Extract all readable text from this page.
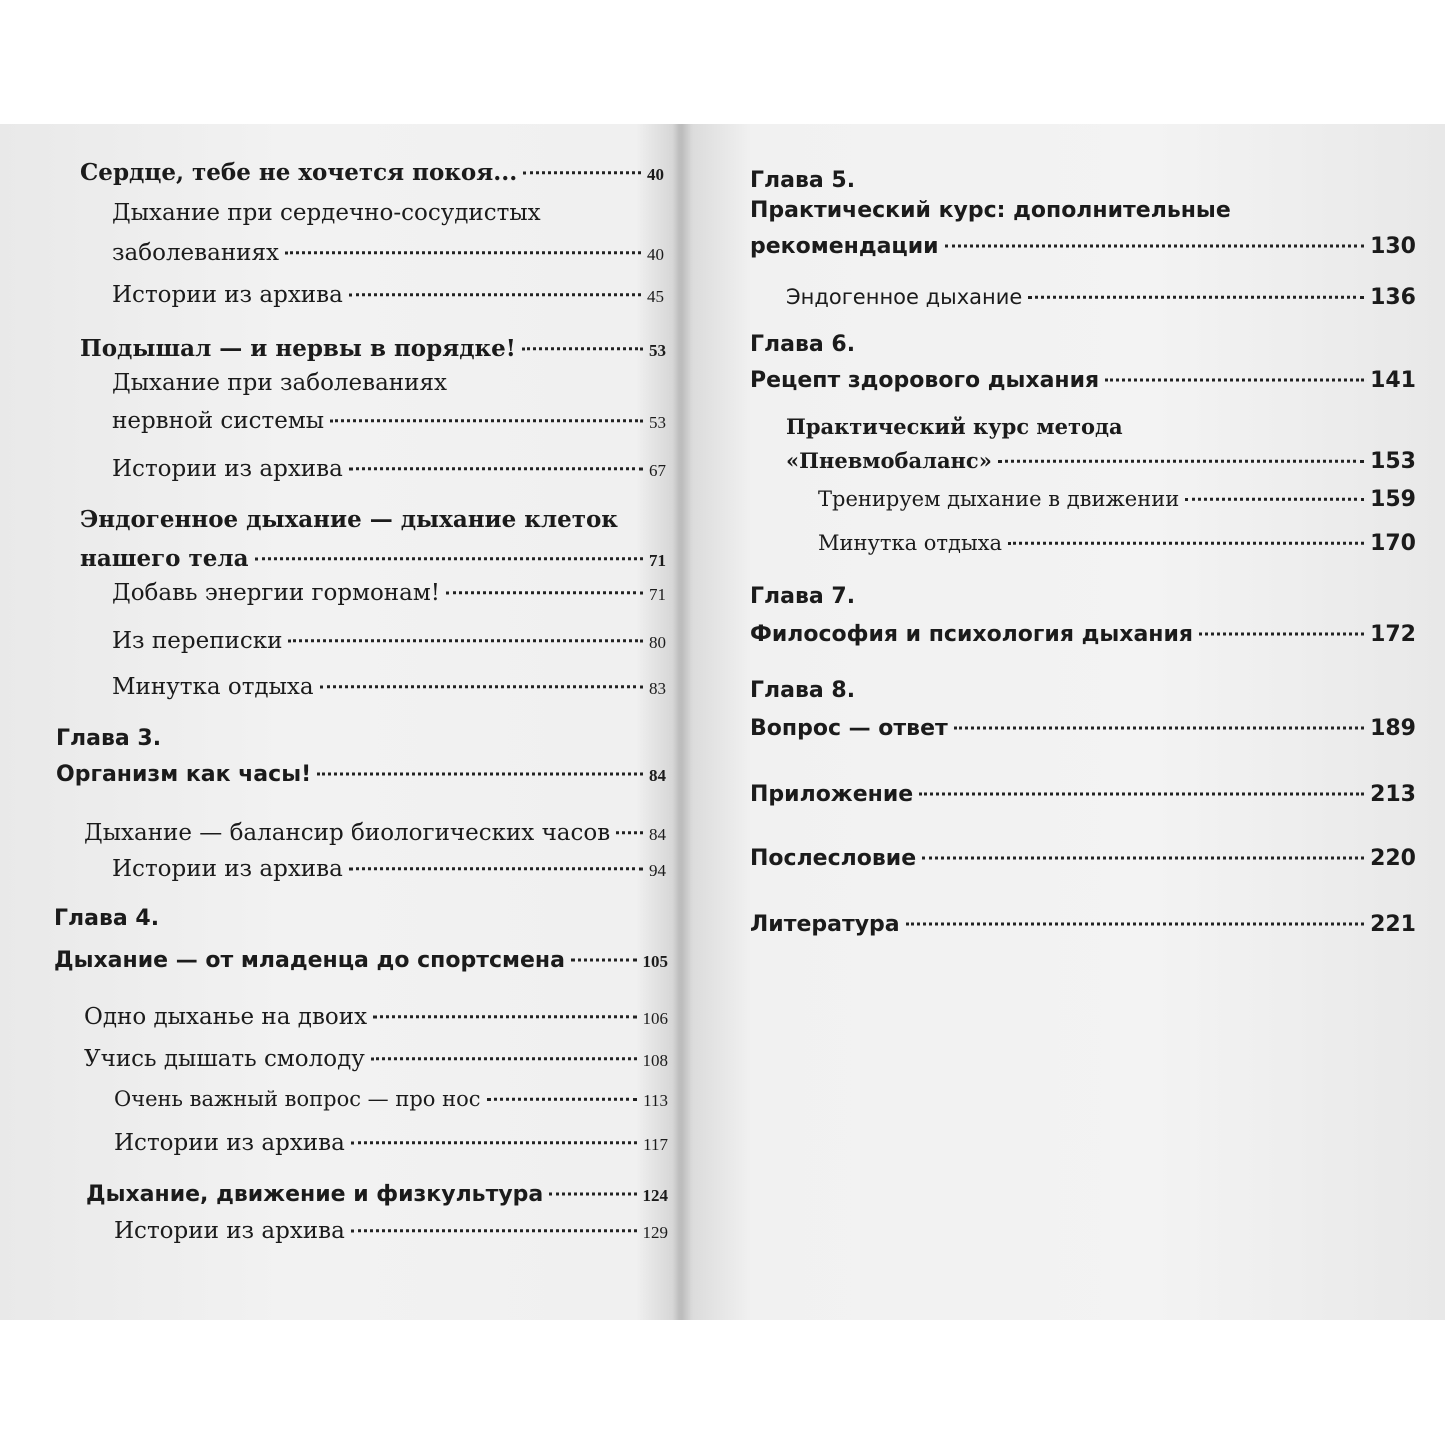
Сердце, тебе не хочется покоя...	40
Дыхание при сердечно-сосудистых
заболеваниях	40
Истории из архива	45
Подышал — и нервы в порядке!	53
Дыхание при заболеваниях
нервной системы	53
Истории из архива	67
Эндогенное дыхание — дыхание клеток
нашего тела	71
Добавь энергии гормонам!	71
Из переписки	80
Минутка отдыха	83
Глава 3.
Организм как часы!	84
Дыхание — балансир биологических часов 84
Истории из архива	94
Глава 4.
Дыхание — от младенца до спортсмена	105
Одно дыханье на двоих	106
Учись дышать смолоду	108
Очень важный вопрос — про нос	113
Истории из архива	117
Дыхание, движение и физкультура	124
Истории из архива	129
Глава 5.
Практический курс: дополнительные
рекомендации	130
Эндогенное дыхание	136
Глава 6.
Рецепт здорового дыхания	141
Практический курс метода
«Пневмобаланс»	153
Тренируем дыхание в движении	159
Минутка отдыха	170
Глава 7.
Философия и психология дыхания	172
Глава 8.
Вопрос — ответ	189
Приложение	213
Послесловие	220
Литература	221
